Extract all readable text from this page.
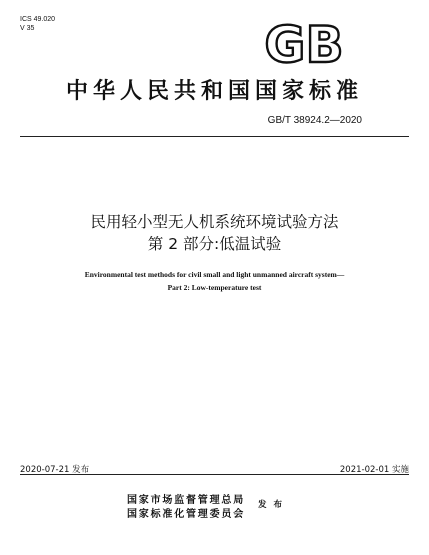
ICS 49.020
V 35	GB
中华人民共和国国家标准
GB/T 38924.2—2020
民用轻小型无人机系统环境试验方法
第 2 部分:低温试验
Environmental test methods for civil small and light unmanned aircraft system—
Part 2: Low-temperature test
2020-07-21 发布	2021-02-01 实施
国家市场监督管理总局
国家标准化管理委员会
发 布
